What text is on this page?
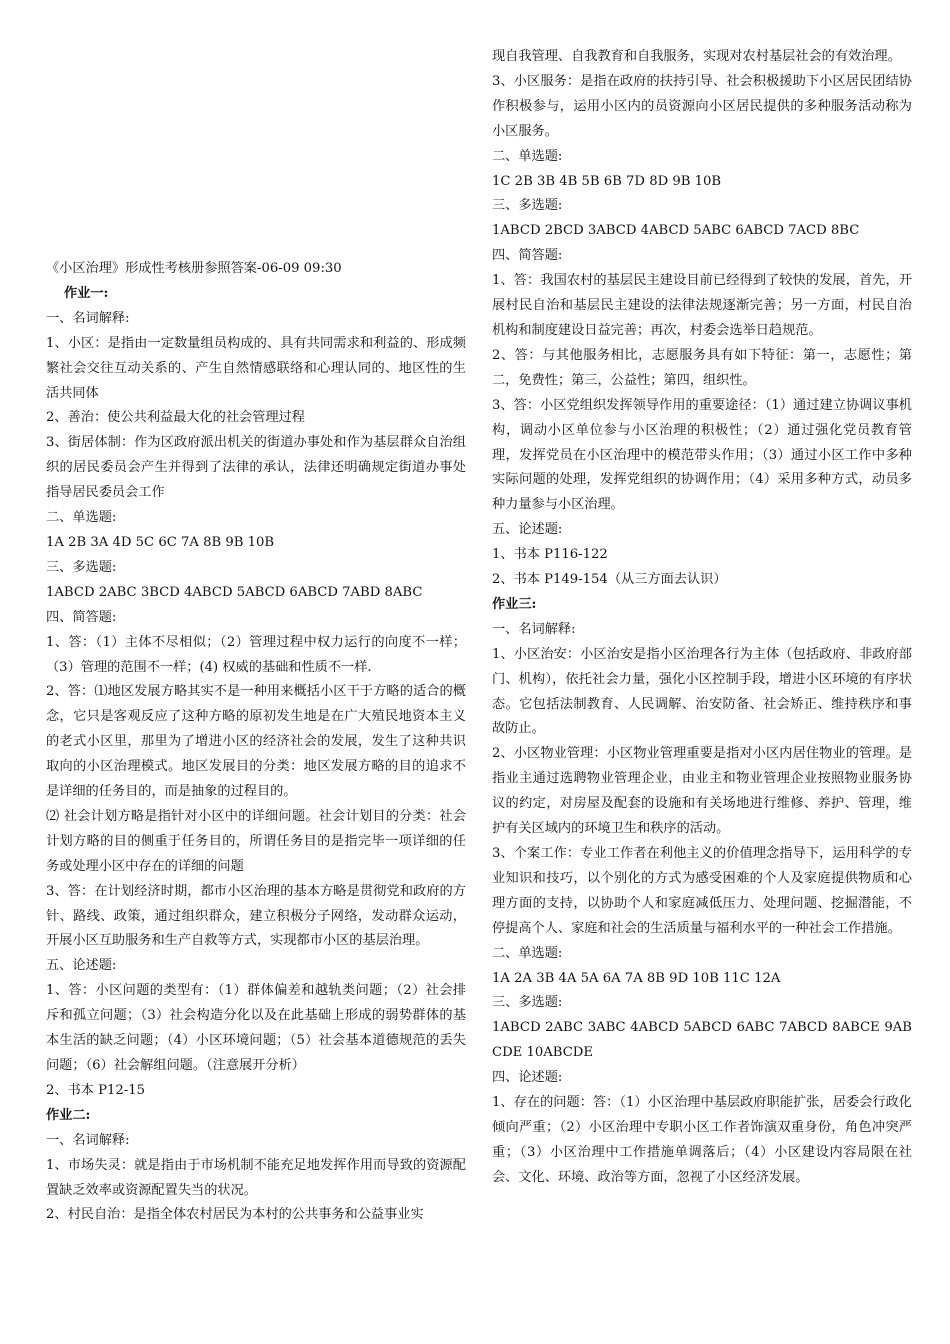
《小区治理》形成性考核册参照答案-06-09 09:30

作业一:

一、名词解释:

1、小区：是指由一定数量组员构成的、具有共同需求和利益的、形成频繁社会交往互动关系的、产生自然情感联络和心理认同的、地区性的生活共同体

2、善治：使公共利益最大化的社会管理过程

3、街居体制：作为区政府派出机关的街道办事处和作为基层群众自治组织的居民委员会产生并得到了法律的承认，法律还明确规定街道办事处指导居民委员会工作

二、单选题:

1A 2B 3A 4D 5C 6C 7A 8B 9B 10B

三、多选题:

1ABCD 2ABC 3BCD 4ABCD 5ABCD 6ABCD 7ABD 8ABC

四、简答题:

1、答：（1）主体不尽相似；（2）管理过程中权力运行的向度不一样；（3）管理的范围不一样；(4) 权威的基础和性质不一样.

2、答：⑴地区发展方略其实不是一种用来概括小区干于方略的适合的概念，它只是客观反应了这种方略的原初发生地是在广大殖民地资本主义的老式小区里，那里为了增进小区的经济社会的发展，发生了这种共识取向的小区治理模式。地区发展目的分类：地区发展方略的目的追求不是详细的任务目的，而是抽象的过程目的。

⑵ 社会计划方略是指针对小区中的详细问题。社会计划目的分类：社会计划方略的目的侧重于任务目的，所谓任务目的是指完毕一项详细的任务或处理小区中存在的详细的问题

3、答：在计划经济时期，都市小区治理的基本方略是贯彻党和政府的方针、路线、政策，通过组织群众，建立积极分子网络，发动群众运动，开展小区互助服务和生产自救等方式，实现都市小区的基层治理。

五、论述题:

1、答：小区问题的类型有：（1）群体偏差和越轨类问题；（2）社会排斥和孤立问题；（3）社会构造分化以及在此基础上形成的弱势群体的基本生活的缺乏问题；（4）小区环境问题；（5）社会基本道德规范的丢失问题；（6）社会解组问题。（注意展开分析）

2、书本 P12-15

作业二:

一、名词解释:

1、市场失灵：就是指由于市场机制不能充足地发挥作用而导致的资源配置缺乏效率或资源配置失当的状况。

2、村民自治：是指全体农村居民为本村的公共事务和公益事业实

现自我管理、自我教育和自我服务，实现对农村基层社会的有效治理。

3、小区服务：是指在政府的扶持引导、社会积极援助下小区居民团结协作积极参与，运用小区内的员资源向小区居民提供的多种服务活动称为小区服务。

二、单选题:

1C 2B 3B 4B 5B 6B 7D 8D 9B 10B

三、多选题:

1ABCD 2BCD 3ABCD 4ABCD 5ABC 6ABCD 7ACD 8BC

四、简答题:

1、答：我国农村的基层民主建设目前已经得到了较快的发展，首先，开展村民自治和基层民主建设的法律法规逐渐完善；另一方面，村民自治机构和制度建设日益完善；再次，村委会选举日趋规范。

2、答：与其他服务相比，志愿服务具有如下特征：第一，志愿性；第二，免费性；第三，公益性；第四，组织性。

3、答：小区党组织发挥领导作用的重要途径：（1）通过建立协调议事机构，调动小区单位参与小区治理的积极性；（2）通过强化党员教育管理，发挥党员在小区治理中的模范带头作用；（3）通过小区工作中多种实际问题的处理，发挥党组织的协调作用；（4）采用多种方式，动员多种力量参与小区治理。

五、论述题:

1、书本 P116-122

2、书本 P149-154（从三方面去认识）

作业三:

一、名词解释:

1、小区治安：小区治安是指小区治理各行为主体（包括政府、非政府部门、机构），依托社会力量，强化小区控制手段，增进小区环境的有序状态。它包括法制教育、人民调解、治安防备、社会矫正、维持秩序和事故防止。

2、小区物业管理：小区物业管理重要是指对小区内居住物业的管理。是指业主通过选聘物业管理企业，由业主和物业管理企业按照物业服务协议的约定，对房屋及配套的设施和有关场地进行维修、养护、管理，维护有关区域内的环境卫生和秩序的活动。

3、个案工作：专业工作者在利他主义的价值理念指导下，运用科学的专业知识和技巧，以个别化的方式为感受困难的个人及家庭提供物质和心理方面的支持，以协助个人和家庭减低压力、处理问题、挖掘潜能，不停提高个人、家庭和社会的生活质量与福利水平的一种社会工作措施。

二、单选题:

1A 2A 3B 4A 5A 6A 7A 8B 9D 10B 11C 12A

三、多选题:

1ABCD 2ABC 3ABC 4ABCD 5ABCD 6ABC 7ABCD 8ABCE 9ABCDE 10ABCDE

四、论述题:

1、存在的问题：答：（1）小区治理中基层政府职能扩张，居委会行政化倾向严重；（2）小区治理中专职小区工作者饰演双重身份，角色冲突严重；（3）小区治理中工作措施单调落后；（4）小区建设内容局限在社会、文化、环境、政治等方面，忽视了小区经济发展。
